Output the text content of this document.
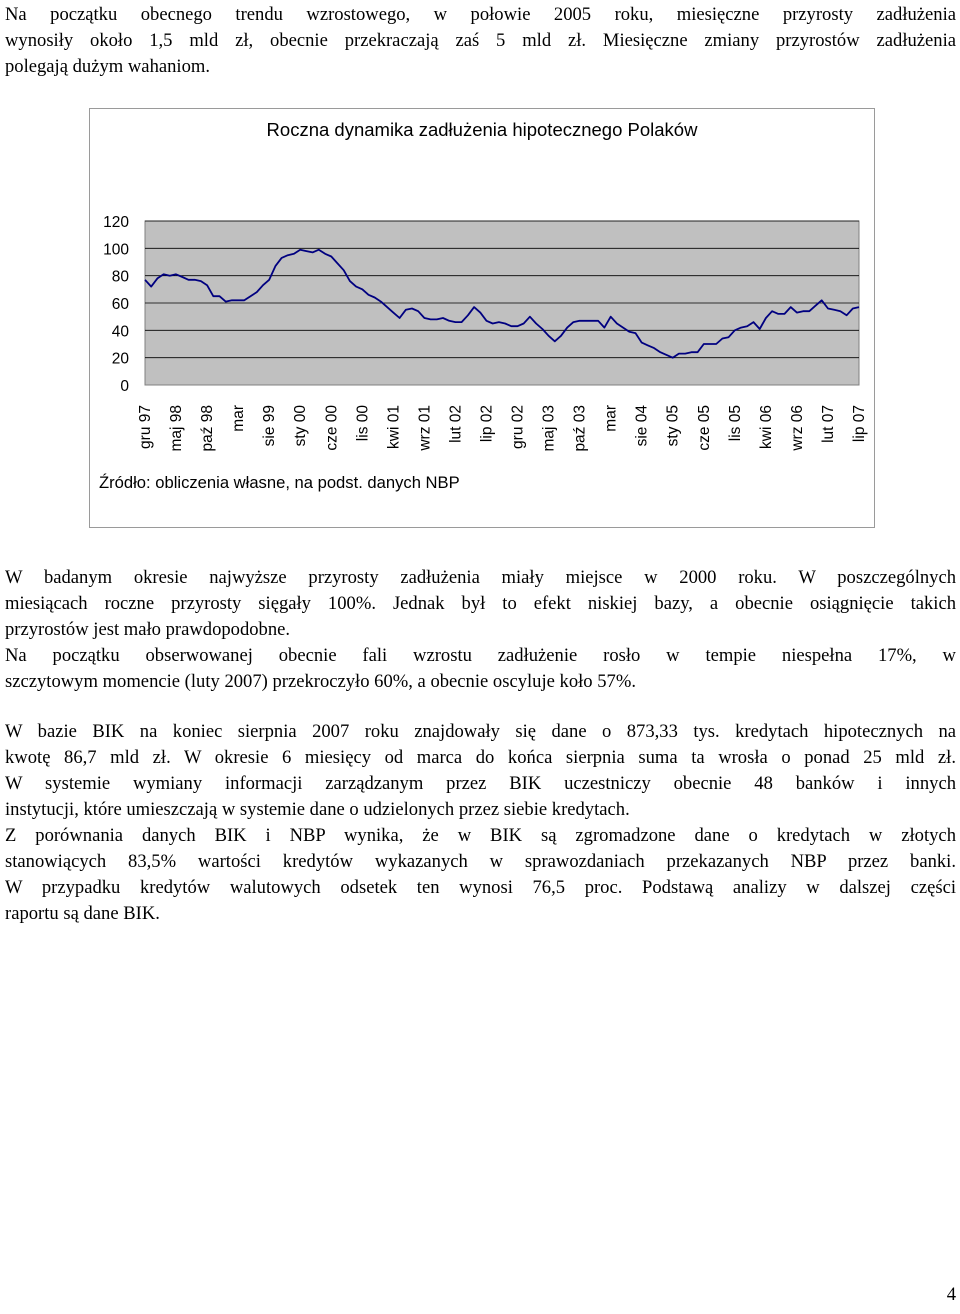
Na początku obecnego trendu wzrostowego, w połowie 2005 roku, miesięczne przyrosty zadłużenia
wynosiły około 1,5 mld zł, obecnie przekraczają zaś 5 mld zł. Miesięczne zmiany przyrostów zadłużenia
polegają dużym wahaniom.
Roczna dynamika zadłużenia hipotecznego Polaków
120
100
80
60
40
20
0
gru 97 maj 98 paź 98 mar sie 99 sty 00 cze 00 lis 00 kwi 01 wrz 01 lut 02 lip 02 gru 02 maj 03 paź 03 mar sie 04 sty 05 cze 05 lis 05 kwi 06 wrz 06 lut 07 lip 07
Źródło: obliczenia własne, na podst. danych NBP
W badanym okresie najwyższe przyrosty zadłużenia miały miejsce w 2000 roku. W poszczególnych
miesiącach roczne przyrosty sięgały 100%. Jednak był to efekt niskiej bazy, a obecnie osiągnięcie takich
przyrostów jest mało prawdopodobne.
Na początku obserwowanej obecnie fali wzrostu zadłużenie rosło w tempie niespełna 17%, w
szczytowym momencie (luty 2007) przekroczyło 60%, a obecnie oscyluje koło 57%.
W bazie BIK na koniec sierpnia 2007 roku znajdowały się dane o 873,33 tys. kredytach hipotecznych na
kwotę 86,7 mld zł. W okresie 6 miesięcy od marca do końca sierpnia suma ta wrosła o ponad 25 mld zł.
W systemie wymiany informacji zarządzanym przez BIK uczestniczy obecnie 48 banków i innych
instytucji, które umieszczają w systemie dane o udzielonych przez siebie kredytach.
Z porównania danych BIK i NBP wynika, że w BIK są zgromadzone dane o kredytach w złotych
stanowiących 83,5% wartości kredytów wykazanych w sprawozdaniach przekazanych NBP przez banki.
W przypadku kredytów walutowych odsetek ten wynosi 76,5 proc. Podstawą analizy w dalszej części
raportu są dane BIK.
4
